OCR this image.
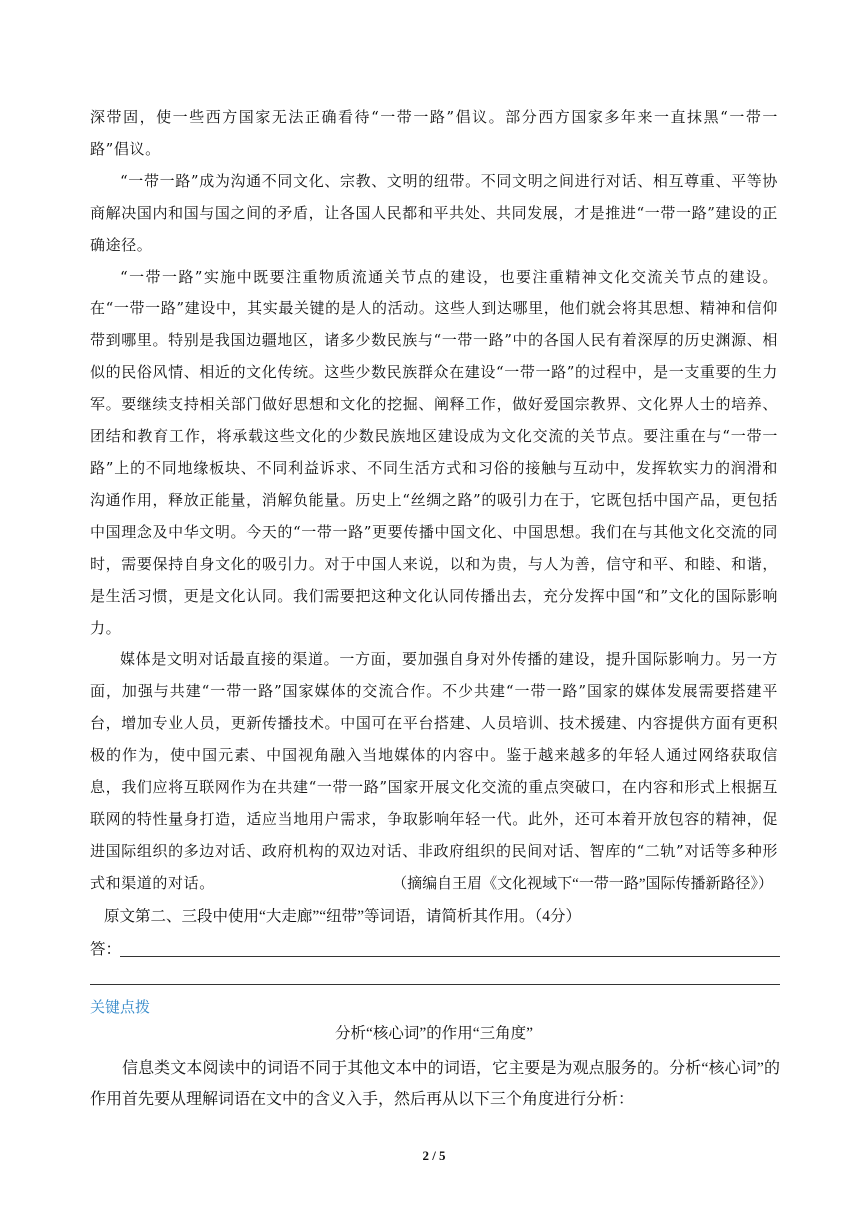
深带固，使一些西方国家无法正确看待“一带一路”倡议。部分西方国家多年来一直抹黑“一带一路”倡议。

“一带一路”成为沟通不同文化、宗教、文明的纽带。不同文明之间进行对话、相互尊重、平等协商解决国内和国与国之间的矛盾，让各国人民都和平共处、共同发展，才是推进“一带一路”建设的正确途径。

“一带一路”实施中既要注重物质流通关节点的建设，也要注重精神文化交流关节点的建设。在“一带一路”建设中，其实最关键的是人的活动。这些人到达哪里，他们就会将其思想、精神和信仰带到哪里。特别是我国边疆地区，诸多少数民族与“一带一路”中的各国人民有着深厚的历史渊源、相似的民俗风情、相近的文化传统。这些少数民族群众在建设“一带一路”的过程中，是一支重要的生力军。要继续支持相关部门做好思想和文化的挖掘、阐释工作，做好爱国宗教界、文化界人士的培养、团结和教育工作，将承载这些文化的少数民族地区建设成为文化交流的关节点。要注重在与“一带一路”上的不同地缘板块、不同利益诉求、不同生活方式和习俗的接触与互动中，发挥软实力的润滑和沟通作用，释放正能量，消解负能量。历史上“丝绸之路”的吸引力在于，它既包括中国产品，更包括中国理念及中华文明。今天的“一带一路”更要传播中国文化、中国思想。我们在与其他文化交流的同时，需要保持自身文化的吸引力。对于中国人来说，以和为贵，与人为善，信守和平、和睦、和谐，是生活习惯，更是文化认同。我们需要把这种文化认同传播出去，充分发挥中国“和”文化的国际影响力。

媒体是文明对话最直接的渠道。一方面，要加强自身对外传播的建设，提升国际影响力。另一方面，加强与共建“一带一路”国家媒体的交流合作。不少共建“一带一路”国家的媒体发展需要搭建平台，增加专业人员，更新传播技术。中国可在平台搭建、人员培训、技术援建、内容提供方面有更积极的作为，使中国元素、中国视角融入当地媒体的内容中。鉴于越来越多的年轻人通过网络获取信息，我们应将互联网作为在共建“一带一路”国家开展文化交流的重点突破口，在内容和形式上根据互联网的特性量身打造，适应当地用户需求，争取影响年轻一代。此外，还可本着开放包容的精神，促进国际组织的多边对话、政府机构的双边对话、非政府组织的民间对话、智库的“二轨”对话等多种形式和渠道的对话。	（摘编自王眉《文化视域下“一带一路”国际传播新路径》）
原文第二、三段中使用“大走廊”“纽带”等词语，请简析其作用。（4分）
答：
关键点拨
分析“核心词”的作用“三角度”
信息类文本阅读中的词语不同于其他文本中的词语，它主要是为观点服务的。分析“核心词”的作用首先要从理解词语在文中的含义入手，然后再从以下三个角度进行分析：
2 / 5
